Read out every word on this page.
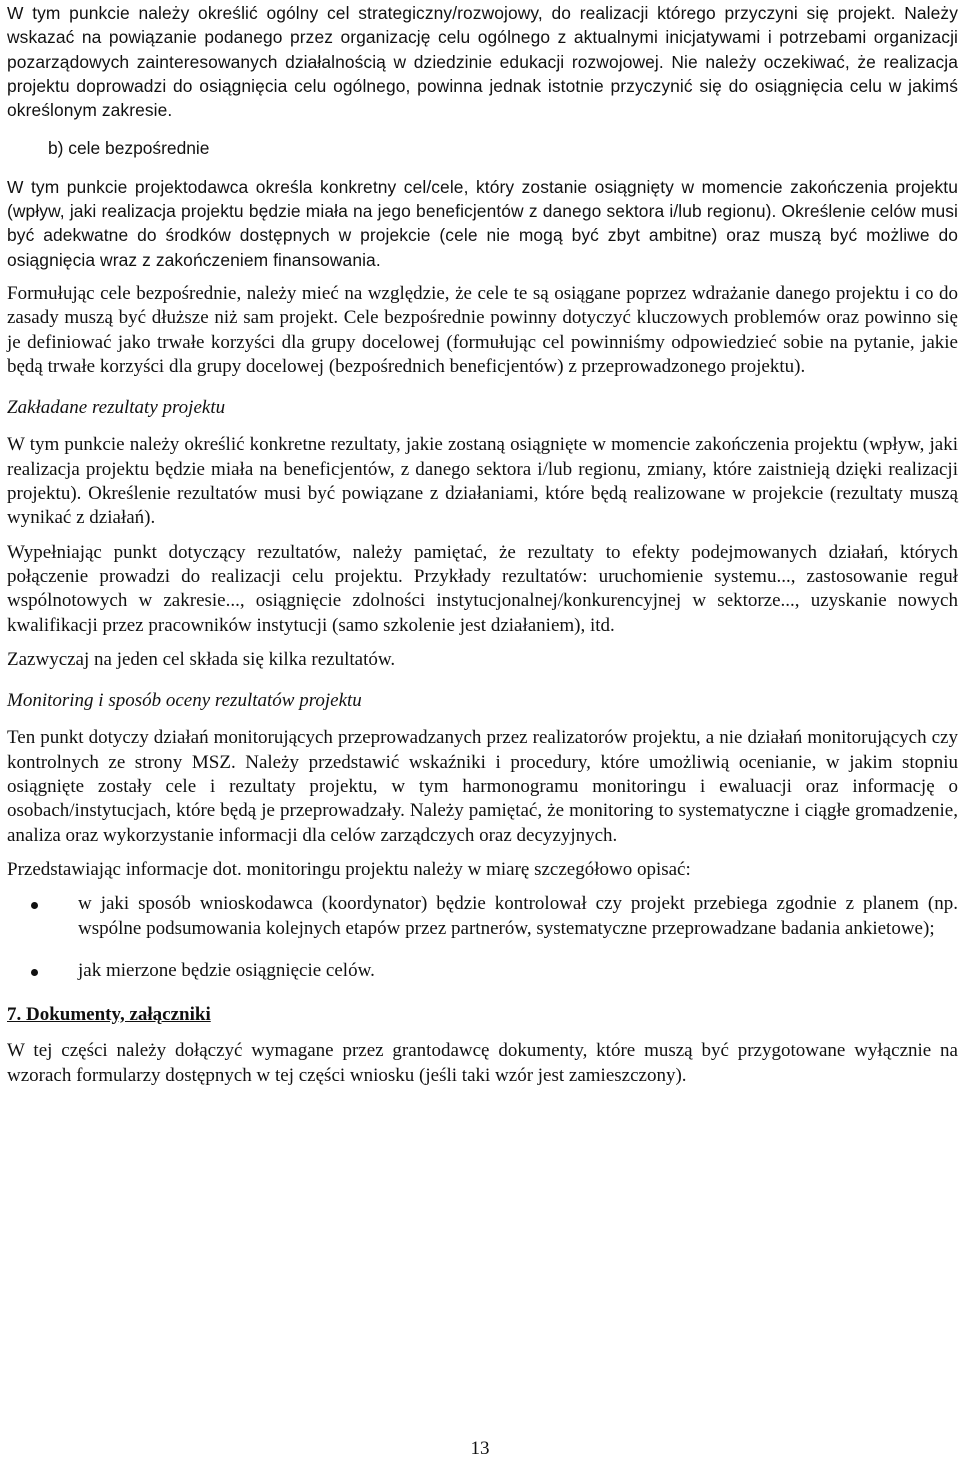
W tym punkcie należy określić ogólny cel strategiczny/rozwojowy, do realizacji którego przyczyni się projekt. Należy wskazać na powiązanie podanego przez organizację celu ogólnego z aktualnymi inicjatywami i potrzebami organizacji pozarządowych zainteresowanych działalnością w dziedzinie edukacji rozwojowej. Nie należy oczekiwać, że realizacja projektu doprowadzi do osiągnięcia celu ogólnego, powinna jednak istotnie przyczynić się do osiągnięcia celu w jakimś określonym zakresie.

b) cele bezpośrednie

W tym punkcie projektodawca określa konkretny cel/cele, który zostanie osiągnięty w momencie zakończenia projektu (wpływ, jaki realizacja projektu będzie miała na jego beneficjentów z danego sektora i/lub regionu). Określenie celów musi być adekwatne do środków dostępnych w projekcie (cele nie mogą być zbyt ambitne) oraz muszą być możliwe do osiągnięcia wraz z zakończeniem finansowania.

Formułując cele bezpośrednie, należy mieć na względzie, że cele te są osiągane poprzez wdrażanie danego projektu i co do zasady muszą być dłuższe niż sam projekt. Cele bezpośrednie powinny dotyczyć kluczowych problemów oraz powinno się je definiować jako trwałe korzyści dla grupy docelowej (formułując cel powinniśmy odpowiedzieć sobie na pytanie, jakie będą trwałe korzyści dla grupy docelowej (bezpośrednich beneficjentów) z przeprowadzonego projektu).

Zakładane rezultaty projektu

W tym punkcie należy określić konkretne rezultaty, jakie zostaną osiągnięte w momencie zakończenia projektu (wpływ, jaki realizacja projektu będzie miała na beneficjentów, z danego sektora i/lub regionu, zmiany, które zaistnieją dzięki realizacji projektu). Określenie rezultatów musi być powiązane z działaniami, które będą realizowane w projekcie (rezultaty muszą wynikać z działań).

Wypełniając punkt dotyczący rezultatów, należy pamiętać, że rezultaty to efekty podejmowanych działań, których połączenie prowadzi do realizacji celu projektu. Przykłady rezultatów: uruchomienie systemu..., zastosowanie reguł wspólnotowych w zakresie..., osiągnięcie zdolności instytucjonalnej/konkurencyjnej w sektorze..., uzyskanie nowych kwalifikacji przez pracowników instytucji (samo szkolenie jest działaniem), itd.

Zazwyczaj na jeden cel składa się kilka rezultatów.

Monitoring i sposób oceny rezultatów projektu

Ten punkt dotyczy działań monitorujących przeprowadzanych przez realizatorów projektu, a nie działań monitorujących czy kontrolnych ze strony MSZ. Należy przedstawić wskaźniki i procedury, które umożliwią ocenianie, w jakim stopniu osiągnięte zostały cele i rezultaty projektu, w tym harmonogramu monitoringu i ewaluacji oraz informację o osobach/instytucjach, które będą je przeprowadzały. Należy pamiętać, że monitoring to systematyczne i ciągłe gromadzenie, analiza oraz wykorzystanie informacji dla celów zarządczych oraz decyzyjnych.

Przedstawiając informacje dot. monitoringu projektu należy w miarę szczegółowo opisać:

w jaki sposób wnioskodawca (koordynator) będzie kontrolował czy projekt przebiega zgodnie z planem (np. wspólne podsumowania kolejnych etapów przez partnerów, systematyczne przeprowadzane badania ankietowe);
jak mierzone będzie osiągnięcie celów.

7. Dokumenty, załączniki

W tej części należy dołączyć wymagane przez grantodawcę dokumenty, które muszą być przygotowane wyłącznie na wzorach formularzy dostępnych w tej części wniosku (jeśli taki wzór jest zamieszczony).

13
